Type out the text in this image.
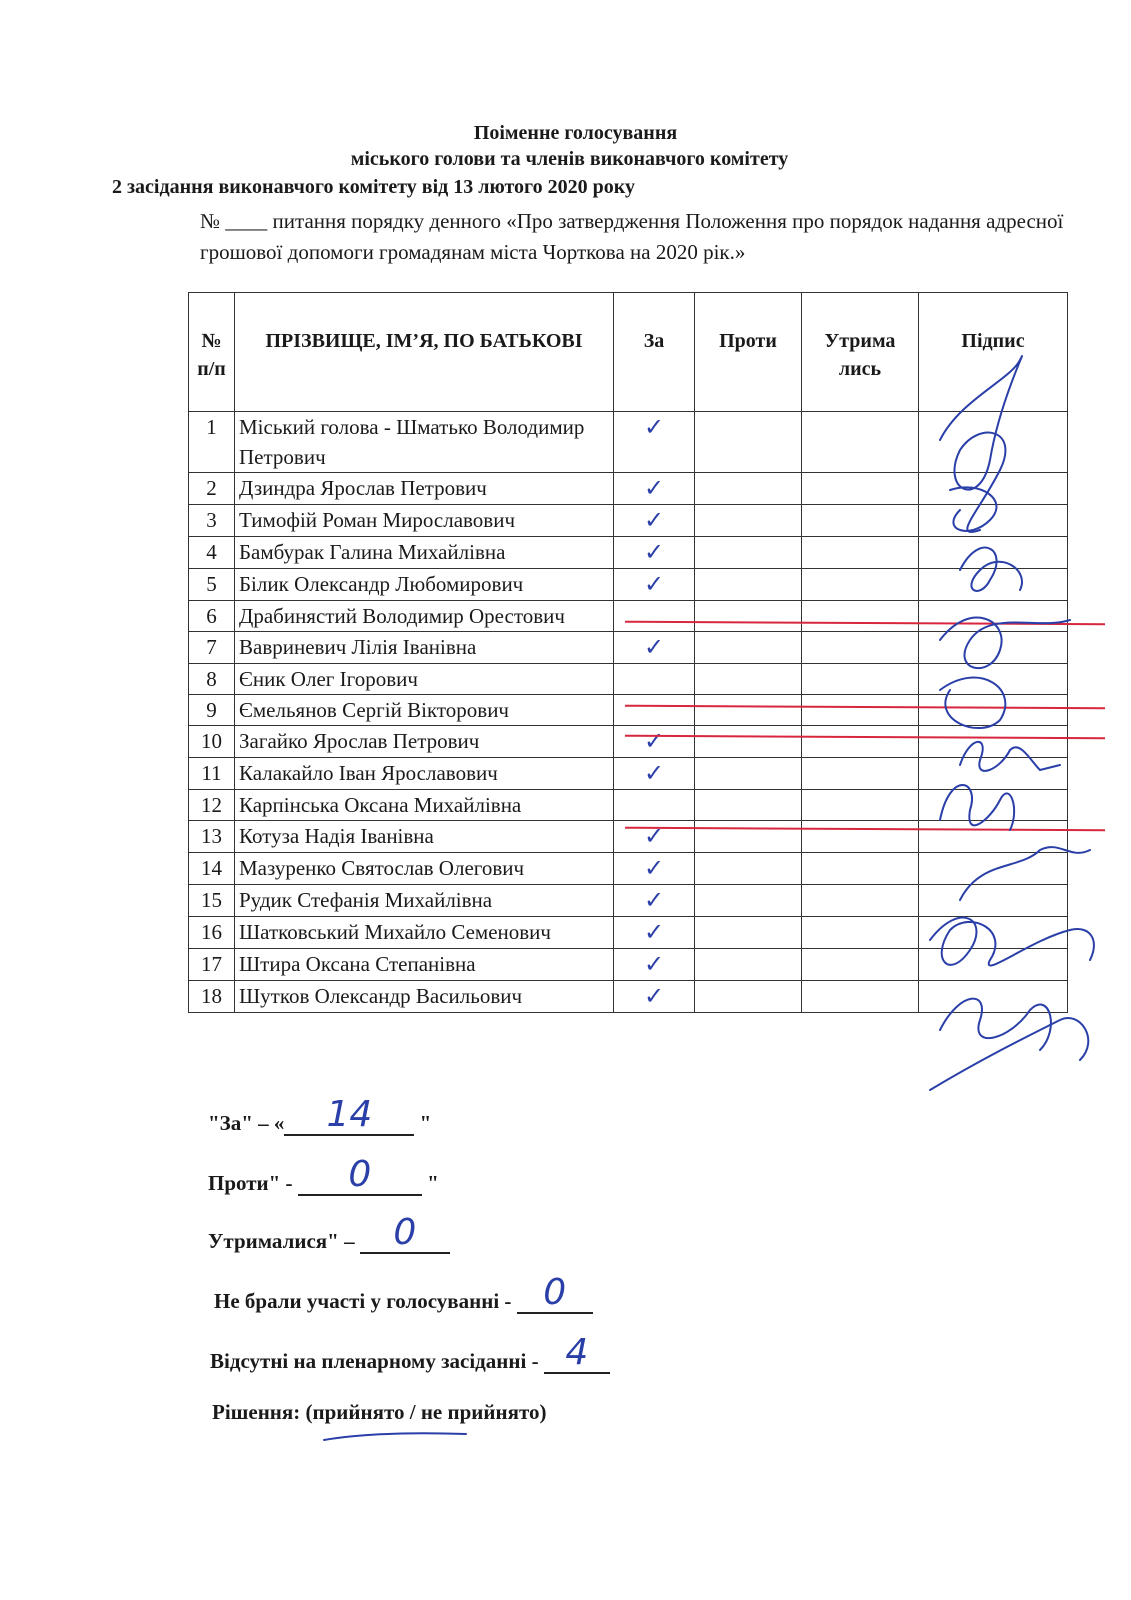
Поіменне голосування
міського голови та членів виконавчого комітету
2 засідання виконавчого комітету від 13 лютого 2020 року
№ ____ питання порядку денного «Про затвердження Положення про порядок надання адресної грошової допомоги громадянам міста Чорткова на 2020 рік.»
№ п/п	ПРІЗВИЩЕ, ІМ’Я, ПО БАТЬКОВІ	За	Проти	Утрима лись	Підпис
1	Міський голова - Шматько Володимир Петрович	✓			
2	Дзиндра Ярослав Петрович	✓			
3	Тимофій Роман Мирославович	✓			
4	Бамбурак Галина Михайлівна	✓			
5	Білик Олександр Любомирович	✓			
6	Драбинястий Володимир Орестович				
7	Вавриневич Лілія Іванівна	✓			
8	Єник Олег Ігорович				
9	Ємельянов Сергій Вікторович				
10	Загайко Ярослав Петрович	✓			
11	Калакайло Іван Ярославович	✓			
12	Карпінська Оксана Михайлівна				
13	Котуза Надія Іванівна	✓			
14	Мазуренко Святослав Олегович	✓			
15	Рудик Стефанія Михайлівна	✓			
16	Шатковський Михайло Семенович	✓			
17	Штира Оксана Степанівна	✓			
18	Шутков Олександр Васильович	✓			
"За" – « 14 "
Проти" - 0	"
Утрималися" – 0
Не брали участі у голосуванні - 0
Відсутні на пленарному засіданні - 4
Рішення: (прийнято / не прийнято)
